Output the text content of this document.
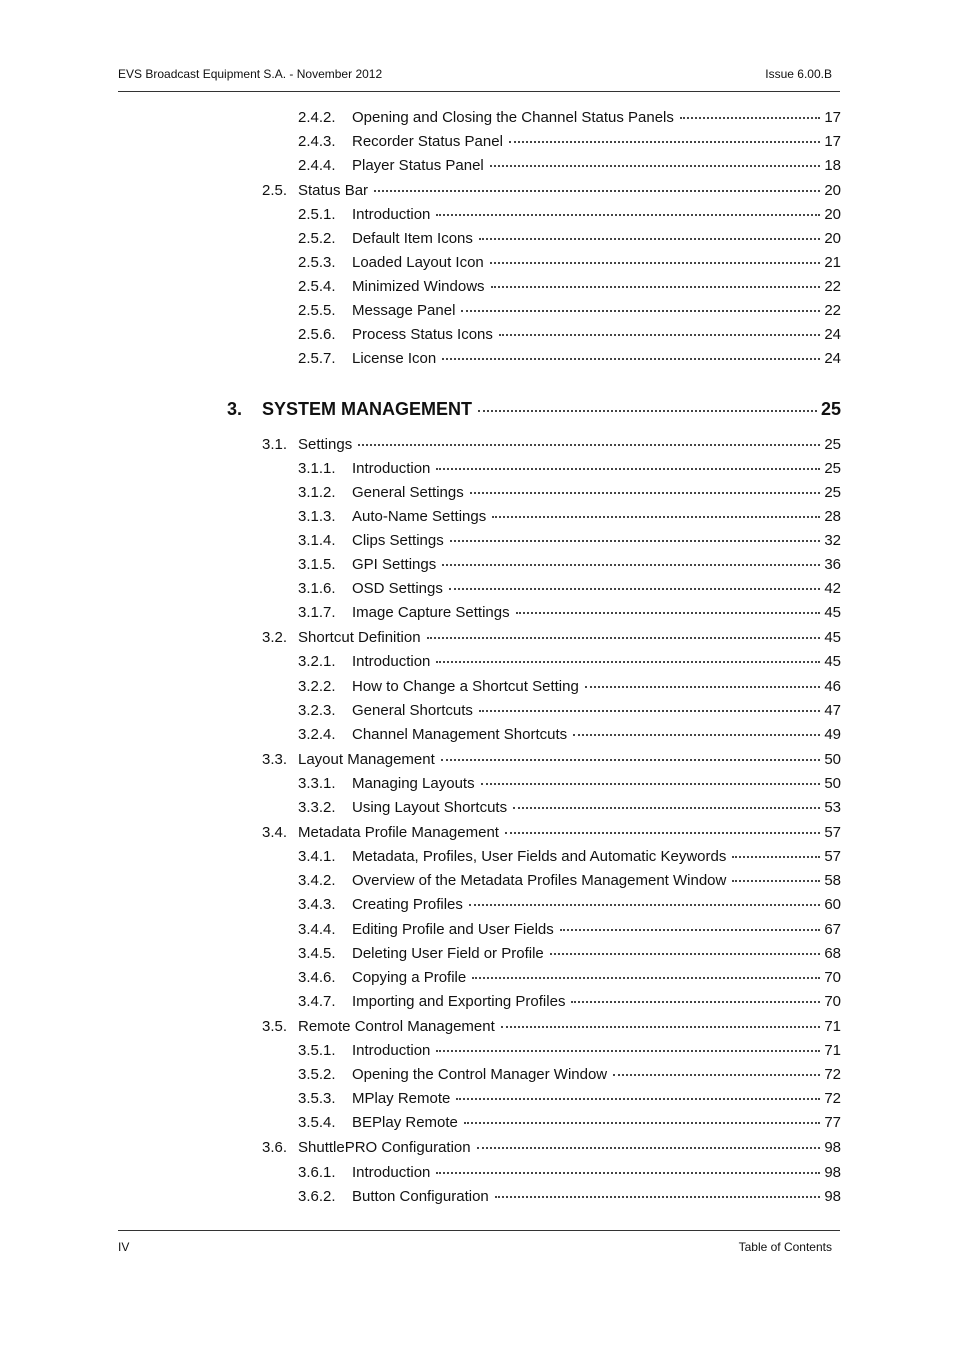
EVS Broadcast Equipment S.A. - November 2012	Issue 6.00.B
2.4.2. Opening and Closing the Channel Status Panels	17
2.4.3. Recorder Status Panel	17
2.4.4. Player Status Panel	18
2.5. Status Bar	20
2.5.1. Introduction	20
2.5.2. Default Item Icons	20
2.5.3. Loaded Layout Icon	21
2.5.4. Minimized Windows	22
2.5.5. Message Panel	22
2.5.6. Process Status Icons	24
2.5.7. License Icon	24
3. SYSTEM MANAGEMENT	25
3.1. Settings	25
3.1.1. Introduction	25
3.1.2. General Settings	25
3.1.3. Auto-Name Settings	28
3.1.4. Clips Settings	32
3.1.5. GPI Settings	36
3.1.6. OSD Settings	42
3.1.7. Image Capture Settings	45
3.2. Shortcut Definition	45
3.2.1. Introduction	45
3.2.2. How to Change a Shortcut Setting	46
3.2.3. General Shortcuts	47
3.2.4. Channel Management Shortcuts	49
3.3. Layout Management	50
3.3.1. Managing Layouts	50
3.3.2. Using Layout Shortcuts	53
3.4. Metadata Profile Management	57
3.4.1. Metadata, Profiles, User Fields and Automatic Keywords	57
3.4.2. Overview of the Metadata Profiles Management Window	58
3.4.3. Creating Profiles	60
3.4.4. Editing Profile and User Fields	67
3.4.5. Deleting User Field or Profile	68
3.4.6. Copying a Profile	70
3.4.7. Importing and Exporting Profiles	70
3.5. Remote Control Management	71
3.5.1. Introduction	71
3.5.2. Opening the Control Manager Window	72
3.5.3. MPlay Remote	72
3.5.4. BEPlay Remote	77
3.6. ShuttlePRO Configuration	98
3.6.1. Introduction	98
3.6.2. Button Configuration	98
IV	Table of Contents
